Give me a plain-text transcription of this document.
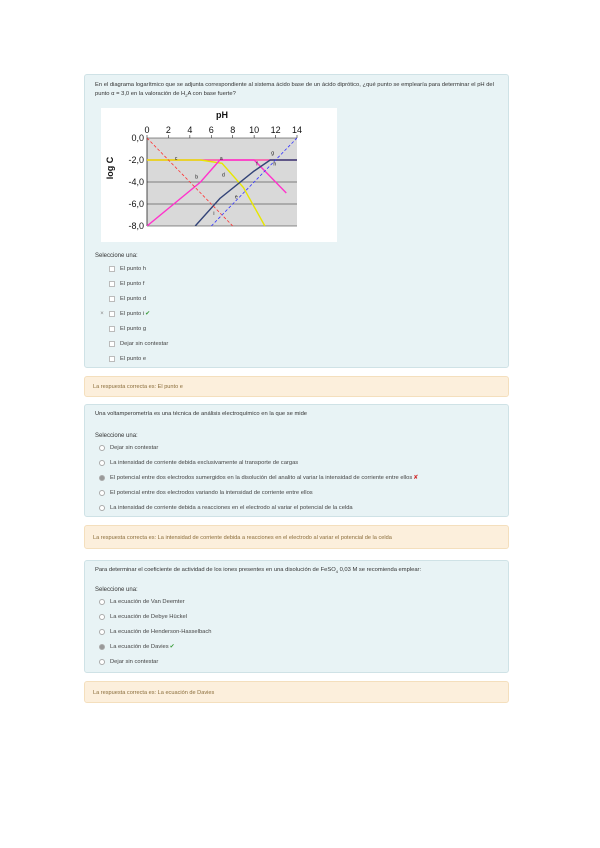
En el diagrama logarítmico que se adjunta correspondiente al sistema ácido base de un ácido diprótico, ¿qué punto se emplearía para determinar el pH del punto α = 3,0 en la valoración de $H_2A$ con base fuerte?
0 2 4 6 8 10 12 14
0,0
-2,0
-4,0
-6,0
-8,0
pH
log C	a
b
c
d
e
f
g
h
i
Seleccione una:
El punto h
El punto f
El punto d
×	El punto i ✔
El punto g
Dejar sin contestar
El punto e
La respuesta correcta es: El punto e
Una voltamperometría es una técnica de análisis electroquímico en la que se mide
Seleccione una:
Dejar sin contestar
La intensidad de corriente debida exclusivamente al transporte de cargas
El potencial entre dos electrodos sumergidos en la disolución del analito al variar la intensidad de corriente entre ellos ✘
El potencial entre dos electrodos variando la intensidad de corriente entre ellos
La intensidad de corriente debida a reacciones en el electrodo al variar el potencial de la celda
La respuesta correcta es: La intensidad de corriente debida a reacciones en el electrodo al variar el potencial de la celda
Para determinar el coeficiente de actividad de los iones presentes en una disolución de FeSO$_4$ 0,03 M se recomienda emplear:
Seleccione una:
La ecuación de Van Deemter
La ecuación de Debye Hückel
La ecuación de Henderson-Hasselbach
La ecuación de Davies ✔
Dejar sin contestar
La respuesta correcta es: La ecuación de Davies
